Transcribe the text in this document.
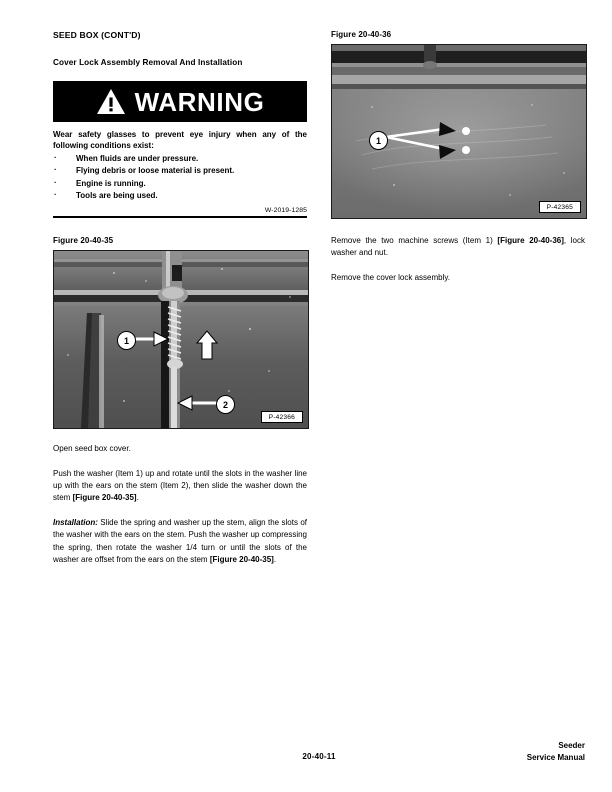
SEED BOX (CONT'D)
Cover Lock Assembly Removal And Installation
WARNING
Wear safety glasses to prevent eye injury when any of the following conditions exist:
· When fluids are under pressure.
· Flying debris or loose material is present.
· Engine is running.
· Tools are being used.
W-2019-1285
Figure 20-40-35
1
2
P-42366

Open seed box cover.

Push the washer (Item 1) up and rotate until the slots in the washer line up with the ears on the stem (Item 2), then slide the washer down the stem [Figure 20-40-35].

Installation: Slide the spring and washer up the stem, align the slots of the washer with the ears on the stem. Push the washer up compressing the spring, then rotate the washer 1/4 turn or until the slots of the washer are offset from the ears on the stem [Figure 20-40-35].

Figure 20-40-36
1
P-42365

Remove the two machine screws (Item 1) [Figure 20-40-36], lock washer and nut.

Remove the cover lock assembly.

Seeder
Service Manual
20-40-11
